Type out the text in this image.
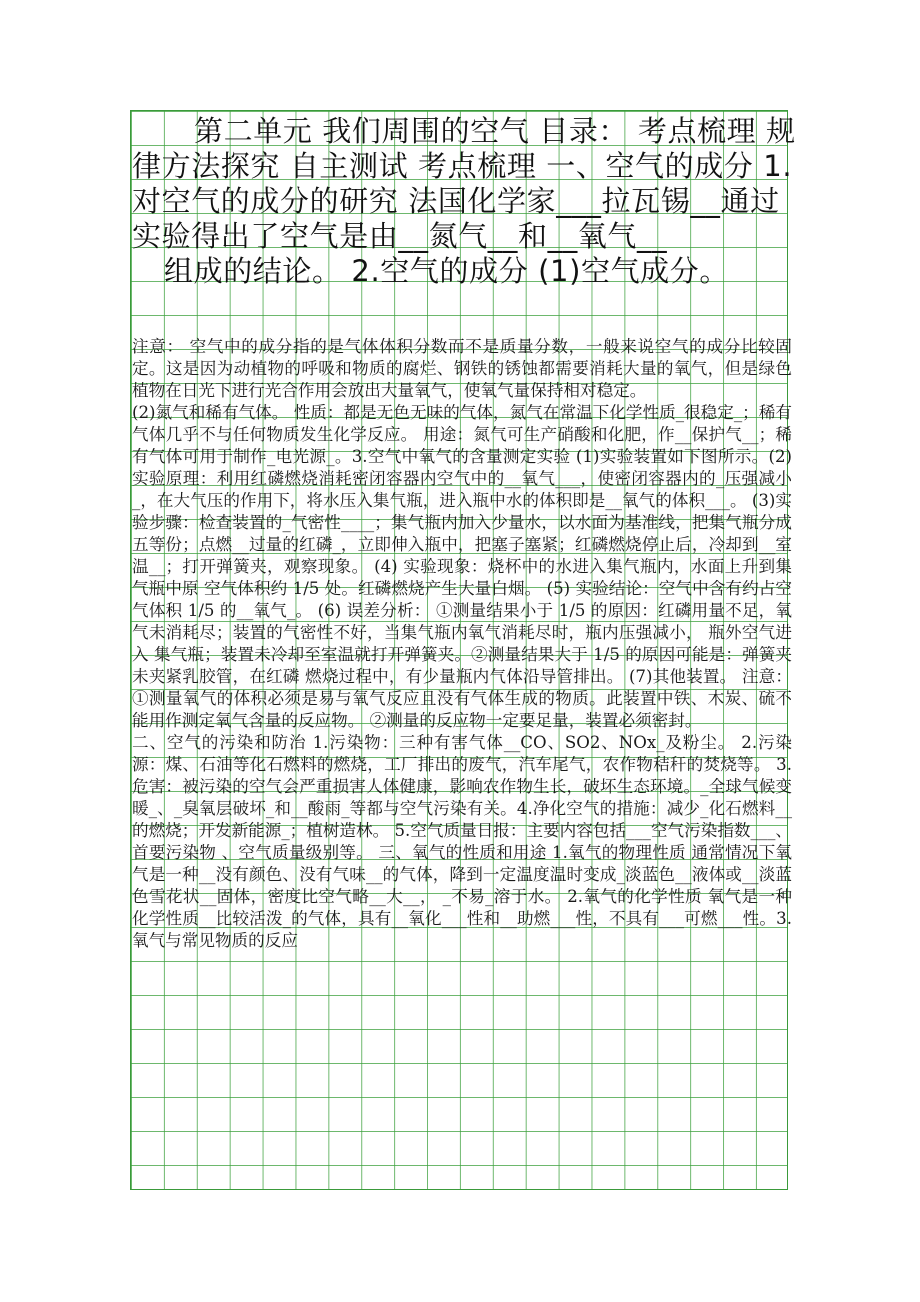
第二单元 我们周围的空气 目录： 考点梳理 规律方法探究 自主测试 考点梳理 一、空气的成分 1.对空气的成分的研究 法国化学家___拉瓦锡__通过实验得出了空气是由__氮气__和__氧气__
组成的结论。 2.空气的成分 (1)空气成分。

注意： 空气中的成分指的是气体体积分数而不是质量分数，一般来说空气的成分比较固定。这是因为动植物的呼吸和物质的腐烂、钢铁的锈蚀都需要消耗大量的氧气，但是绿色植物在日光下进行光合作用会放出大量氧气，使氧气量保持相对稳定。

(2)氮气和稀有气体。 性质：都是无色无味的气体，氮气在常温下化学性质_很稳定_；稀有气体几乎不与任何物质发生化学反应。 用途：氮气可生产硝酸和化肥，作__保护气__；稀有气体可用于制作_电光源_。3.空气中氧气的含量测定实验 (1)实验装置如下图所示。(2)实验原理：利用红磷燃烧消耗密闭容器内空气中的__氧气___，使密闭容器内的_压强减小_，在大气压的作用下，将水压入集气瓶，进入瓶中水的体积即是__氧气的体积___。 (3)实验步骤：检查装置的_气密性____；集气瓶内加入少量水，以水面为基准线，把集气瓶分成五等份；点燃__过量的红磷_，立即伸入瓶中，把塞子塞紧；红磷燃烧停止后，冷却到__室温__；打开弹簧夹，观察现象。 (4) 实验现象：烧杯中的水进入集气瓶内，水面上升到集气瓶中原 空气体积约 1/5 处。红磷燃烧产生大量白烟。 (5) 实验结论：空气中含有约占空气体积 1/5 的__氧气_。 (6) 误差分析： ①测量结果小于 1/5 的原因：红磷用量不足，氧气未消耗尽；装置的气密性不好，当集气瓶内氧气消耗尽时，瓶内压强减小， 瓶外空气进入 集气瓶；装置未冷却至室温就打开弹簧夹。②测量结果大于 1/5 的原因可能是：弹簧夹未夹紧乳胶管，在红磷 燃烧过程中，有少量瓶内气体沿导管排出。 (7)其他装置。 注意： ①测量氧气的体积必须是易与氧气反应且没有气体生成的物质。此装置中铁、木炭、硫不能用作测定氧气含量的反应物。 ②测量的反应物一定要足量，装置必须密封。

二、空气的污染和防治 1.污染物：三种有害气体__CO、SO2、NOx_及粉尘。 2.污染源：煤、石油等化石燃料的燃烧，工厂排出的废气，汽车尾气，农作物秸秆的焚烧等。 3.危害：被污染的空气会严重损害人体健康，影响农作物生长，破坏生态环境。_全球气候变暖_、_臭氧层破坏_和__酸雨_等都与空气污染有关。4.净化空气的措施：减少_化石燃料__的燃烧；开发新能源_；植树造林。 5.空气质量日报：主要内容包括___空气污染指数___、 首要污染物 、空气质量级别等。 三、氧气的性质和用途 1.氧气的物理性质 通常情况下氧气是一种__没有颜色、没有气味__的气体，降到一定温度温时变成_淡蓝色__液体或__淡蓝色雪花状__固体，密度比空气略__大__， _不易_溶于水。 2.氧气的化学性质 氧气是一种化学性质__比较活泼_的气体，具有__氧化___性和__助燃___性，不具有___可燃___性。3.氧气与常见物质的反应
